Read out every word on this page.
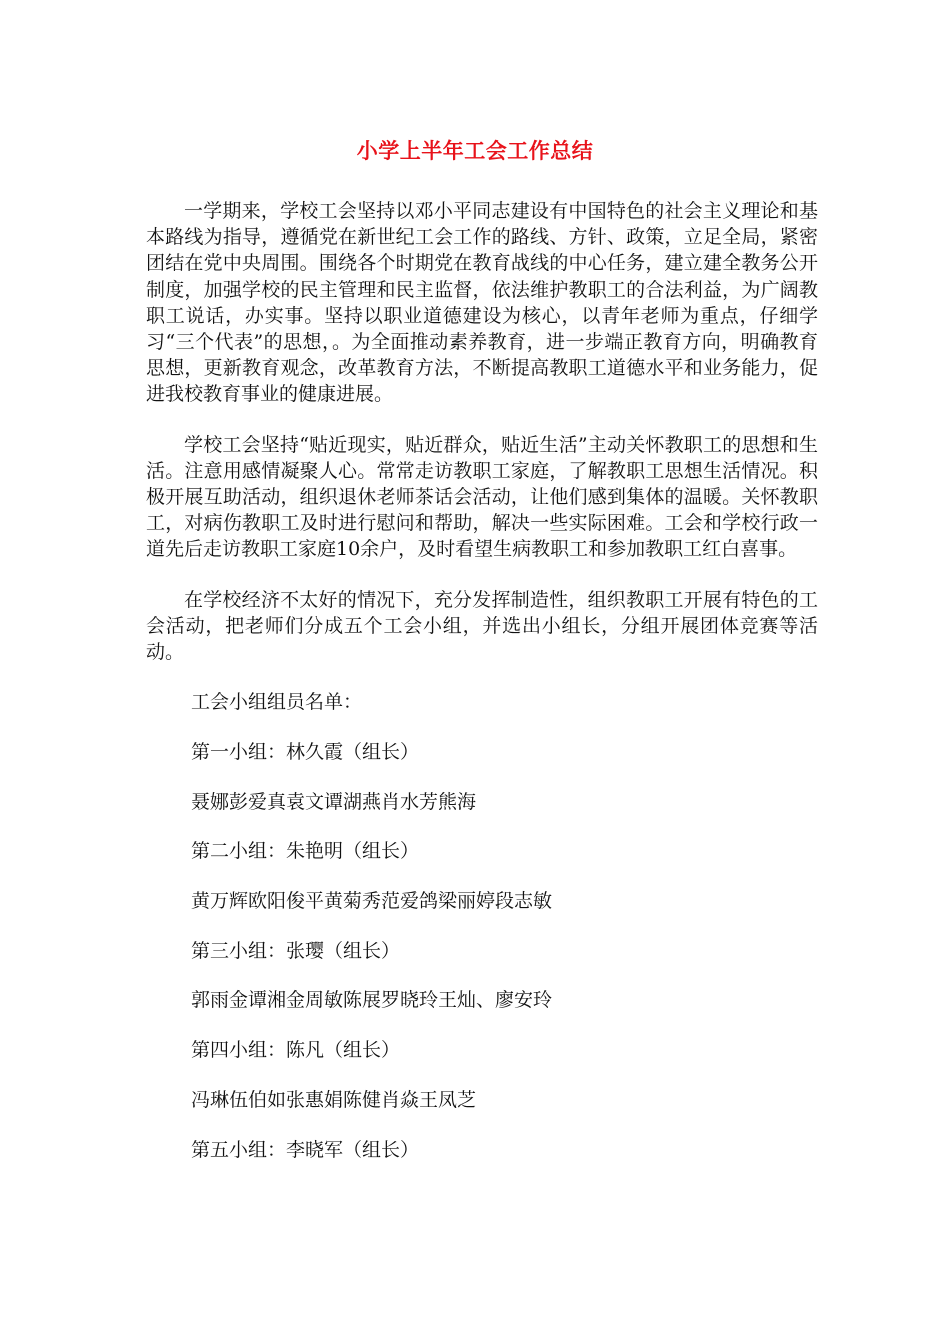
小学上半年工会工作总结

一学期来，学校工会坚持以邓小平同志建设有中国特色的社会主义理论和基本路线为指导，遵循党在新世纪工会工作的路线、方针、政策，立足全局，紧密团结在党中央周围。围绕各个时期党在教育战线的中心任务，建立建全教务公开制度，加强学校的民主管理和民主监督，依法维护教职工的合法利益，为广阔教职工说话，办实事。坚持以职业道德建设为核心，以青年老师为重点，仔细学习“三个代表”的思想，。为全面推动素养教育，进一步端正教育方向，明确教育思想，更新教育观念，改革教育方法，不断提高教职工道德水平和业务能力，促进我校教育事业的健康进展。

学校工会坚持“贴近现实，贴近群众，贴近生活”主动关怀教职工的思想和生活。注意用感情凝聚人心。常常走访教职工家庭，了解教职工思想生活情况。积极开展互助活动，组织退休老师茶话会活动，让他们感到集体的温暖。关怀教职工，对病伤教职工及时进行慰问和帮助，解决一些实际困难。工会和学校行政一道先后走访教职工家庭10余户，及时看望生病教职工和参加教职工红白喜事。

在学校经济不太好的情况下，充分发挥制造性，组织教职工开展有特色的工会活动，把老师们分成五个工会小组，并选出小组长，分组开展团体竞赛等活动。

工会小组组员名单：
第一小组：林久霞（组长）
聂娜彭爱真袁文谭湖燕肖水芳熊海
第二小组：朱艳明（组长）
黄万辉欧阳俊平黄菊秀范爱鸽梁丽婷段志敏
第三小组：张璎（组长）
郭雨金谭湘金周敏陈展罗晓玲王灿、廖安玲
第四小组：陈凡（组长）
冯琳伍伯如张惠娟陈健肖焱王凤芝
第五小组：李晓军（组长）
